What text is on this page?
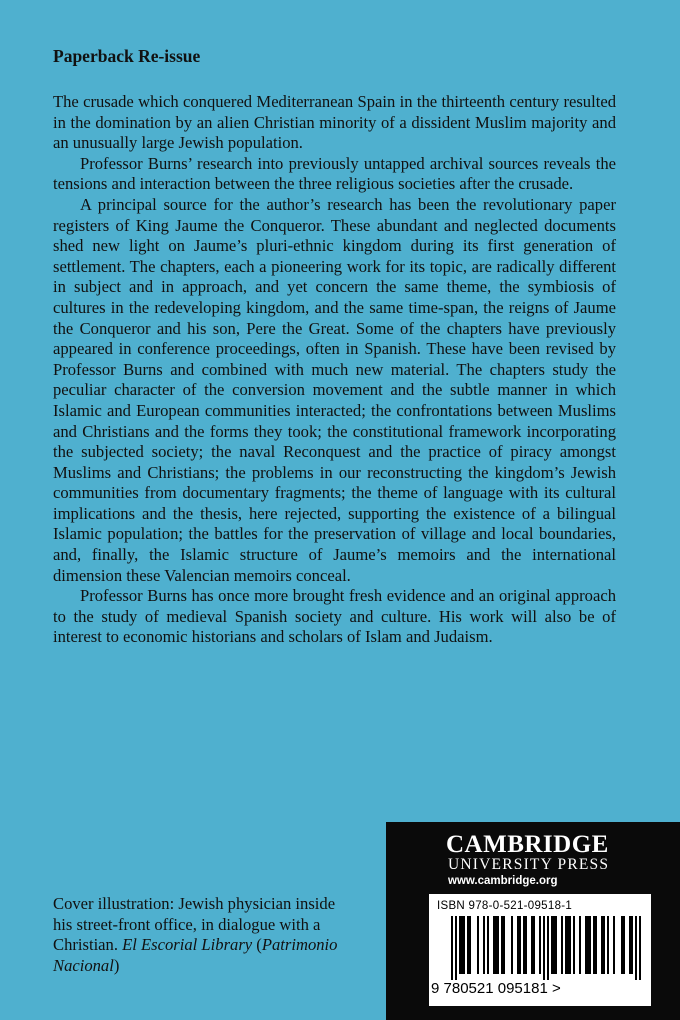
Paperback Re-issue

The crusade which conquered Mediterranean Spain in the thirteenth century resulted in the domination by an alien Christian minority of a dissident Muslim majority and an unusually large Jewish population.

Professor Burns’ research into previously untapped archival sources reveals the tensions and interaction between the three religious societies after the crusade.

A principal source for the author’s research has been the revolutionary paper registers of King Jaume the Conqueror. These abundant and neglected documents shed new light on Jaume’s pluri-ethnic kingdom during its first generation of settlement. The chapters, each a pioneering work for its topic, are radically different in subject and in approach, and yet concern the same theme, the symbiosis of cultures in the redeveloping kingdom, and the same time-span, the reigns of Jaume the Conqueror and his son, Pere the Great. Some of the chapters have previously appeared in conference proceedings, often in Spanish. These have been revised by Professor Burns and combined with much new material. The chapters study the peculiar character of the conversion movement and the subtle manner in which Islamic and European communities interacted; the confrontations between Muslims and Christians and the forms they took; the constitutional framework incorporating the subjected society; the naval Reconquest and the practice of piracy amongst Muslims and Christians; the problems in our reconstructing the kingdom’s Jewish communities from documentary fragments; the theme of language with its cultural implications and the thesis, here rejected, supporting the existence of a bilingual Islamic population; the battles for the preservation of village and local boundaries, and, finally, the Islamic structure of Jaume’s memoirs and the international dimension these Valencian memoirs conceal.

Professor Burns has once more brought fresh evidence and an original approach to the study of medieval Spanish society and culture. His work will also be of interest to economic historians and scholars of Islam and Judaism.

Cover illustration: Jewish physician inside his street-front office, in dialogue with a Christian. El Escorial Library (Patrimonio Nacional)
CAMBRIDGE
UNIVERSITY PRESS
www.cambridge.org
ISBN 978-0-521-09518-1
9 780521 095181 >
